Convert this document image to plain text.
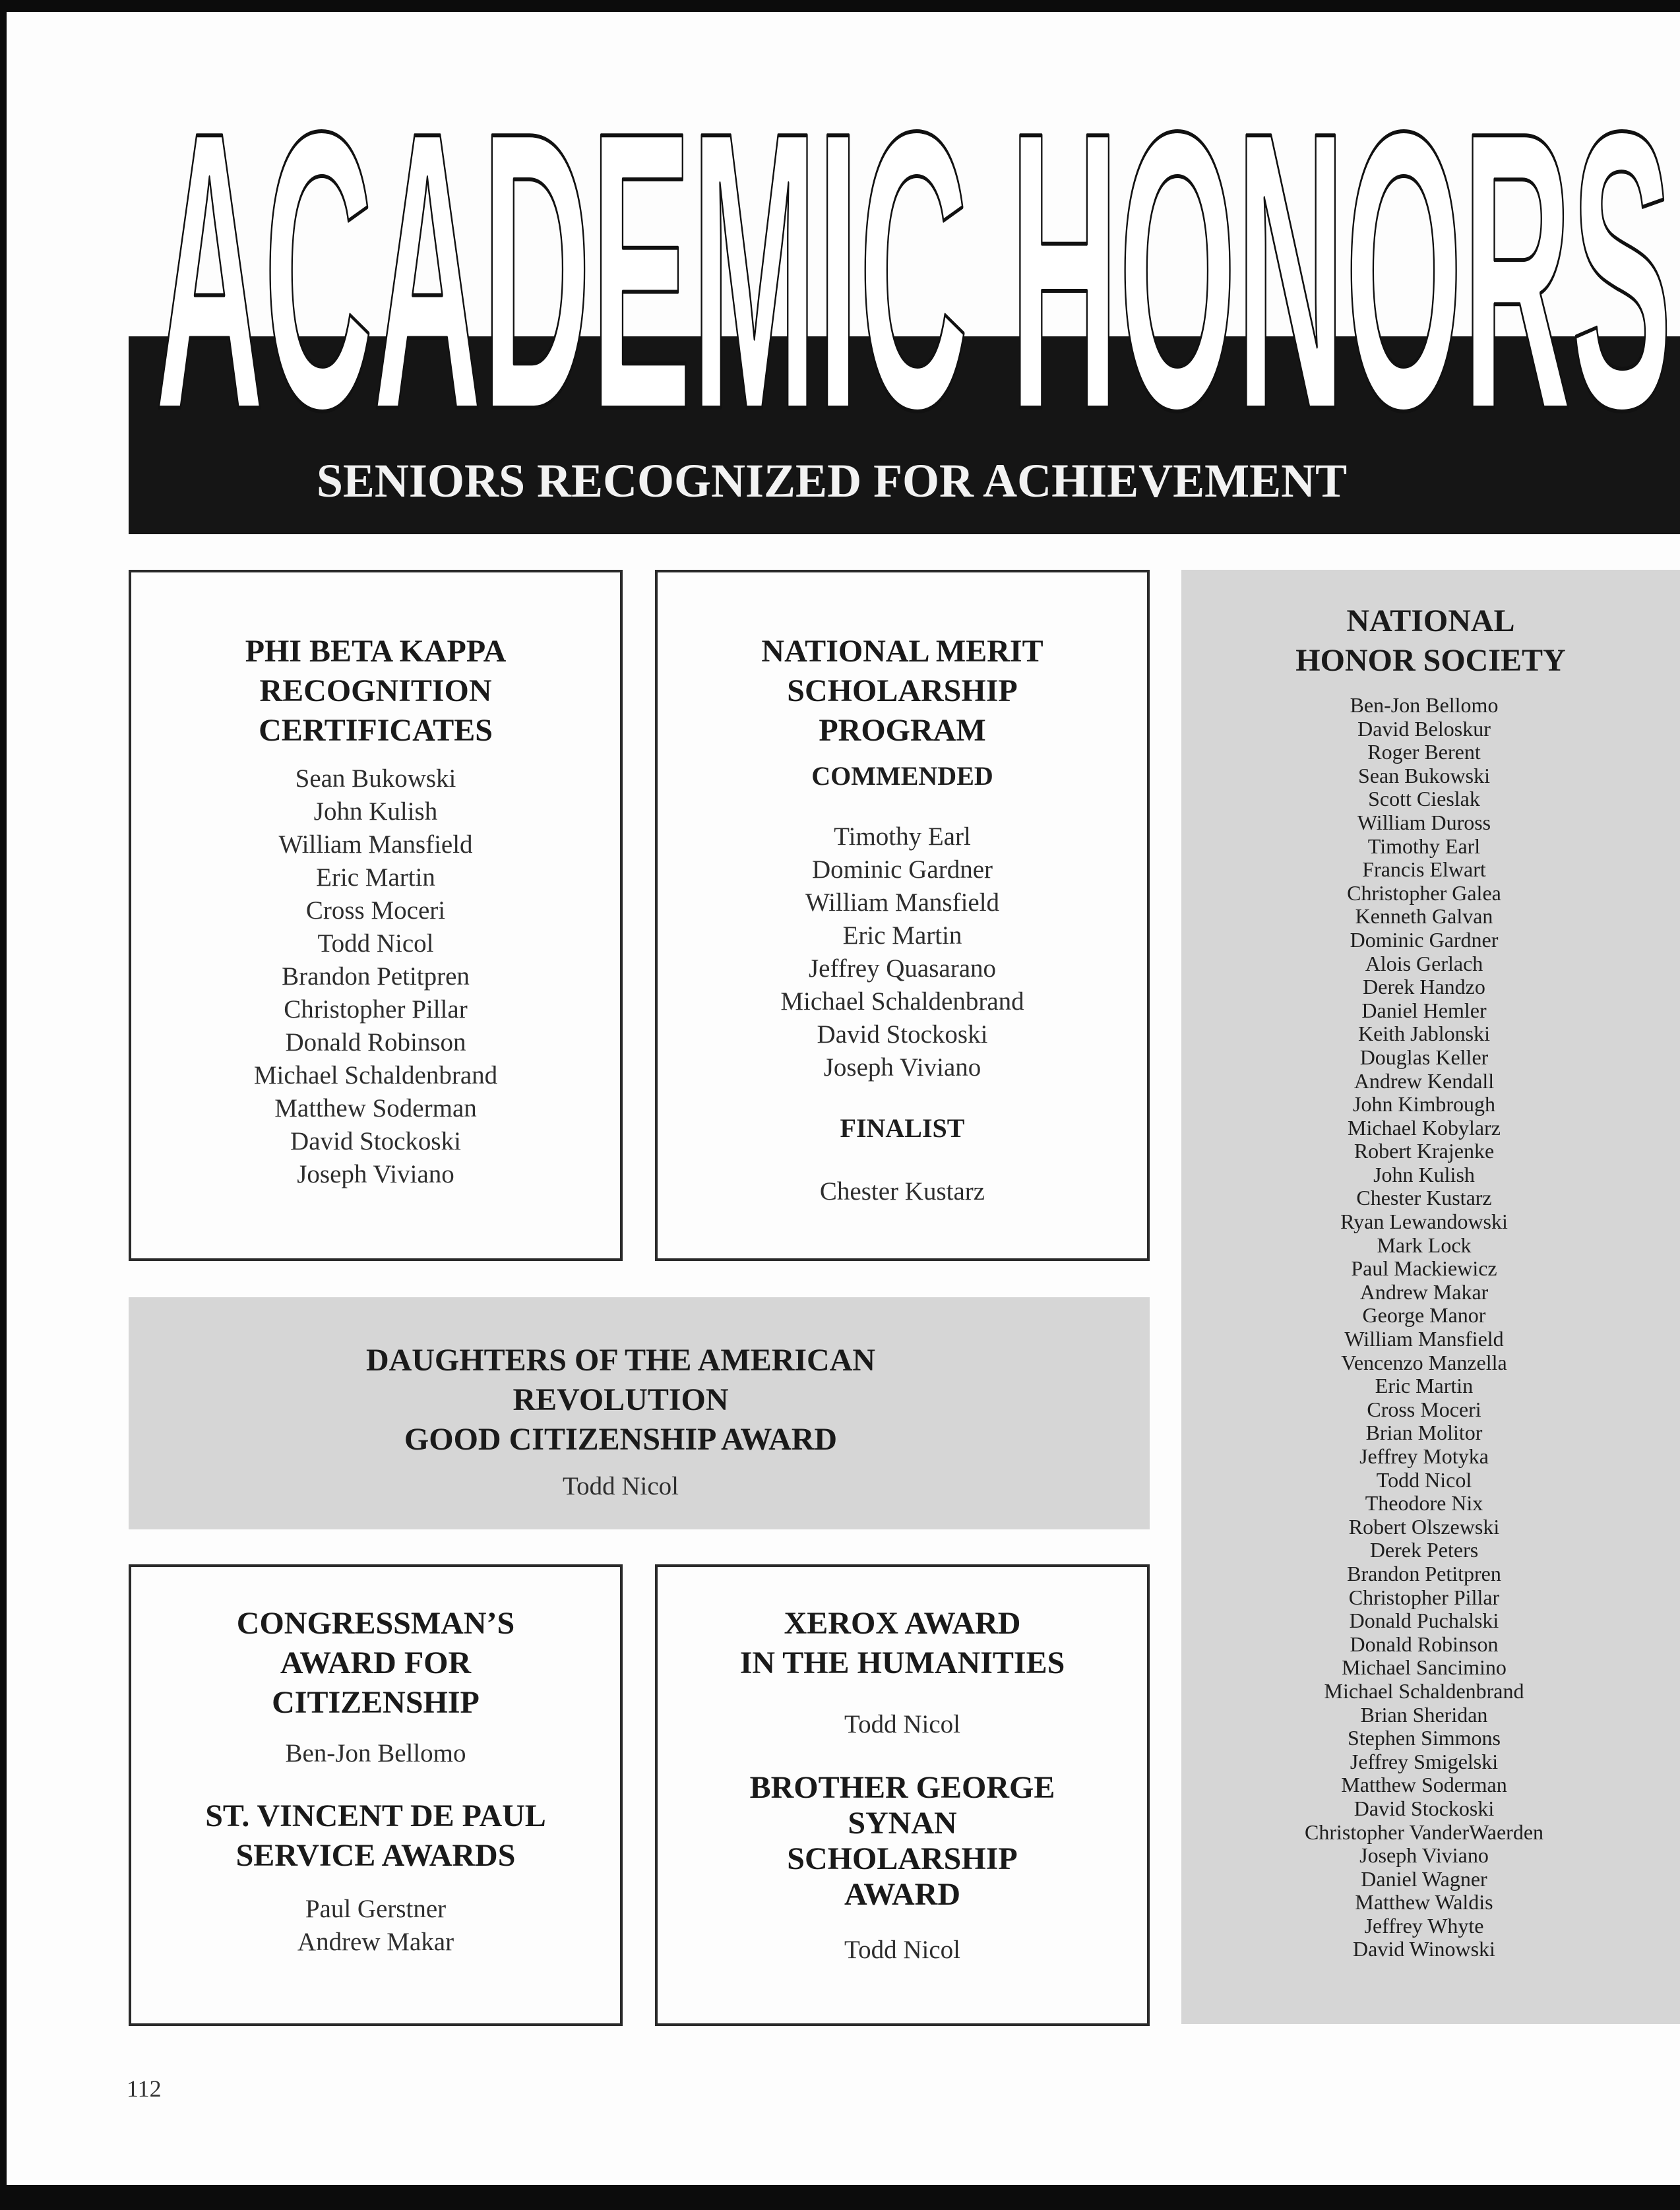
ACADEMIC HONORS
SENIORS RECOGNIZED FOR ACHIEVEMENT
PHI BETA KAPPA
RECOGNITION
CERTIFICATES
Sean Bukowski
John Kulish
William Mansfield
Eric Martin
Cross Moceri
Todd Nicol
Brandon Petitpren
Christopher Pillar
Donald Robinson
Michael Schaldenbrand
Matthew Soderman
David Stockoski
Joseph Viviano
NATIONAL MERIT
SCHOLARSHIP
PROGRAM
COMMENDED
Timothy Earl
Dominic Gardner
William Mansfield
Eric Martin
Jeffrey Quasarano
Michael Schaldenbrand
David Stockoski
Joseph Viviano
FINALIST
Chester Kustarz
NATIONAL
HONOR SOCIETY
Ben-Jon Bellomo
David Beloskur
Roger Berent
Sean Bukowski
Scott Cieslak
William Duross
Timothy Earl
Francis Elwart
Christopher Galea
Kenneth Galvan
Dominic Gardner
Alois Gerlach
Derek Handzo
Daniel Hemler
Keith Jablonski
Douglas Keller
Andrew Kendall
John Kimbrough
Michael Kobylarz
Robert Krajenke
John Kulish
Chester Kustarz
Ryan Lewandowski
Mark Lock
Paul Mackiewicz
Andrew Makar
George Manor
William Mansfield
Vencenzo Manzella
Eric Martin
Cross Moceri
Brian Molitor
Jeffrey Motyka
Todd Nicol
Theodore Nix
Robert Olszewski
Derek Peters
Brandon Petitpren
Christopher Pillar
Donald Puchalski
Donald Robinson
Michael Sancimino
Michael Schaldenbrand
Brian Sheridan
Stephen Simmons
Jeffrey Smigelski
Matthew Soderman
David Stockoski
Christopher VanderWaerden
Joseph Viviano
Daniel Wagner
Matthew Waldis
Jeffrey Whyte
David Winowski
DAUGHTERS OF THE AMERICAN
REVOLUTION
GOOD CITIZENSHIP AWARD
Todd Nicol
CONGRESSMAN’S
AWARD FOR
CITIZENSHIP
Ben-Jon Bellomo
ST. VINCENT DE PAUL
SERVICE AWARDS
Paul Gerstner
Andrew Makar
XEROX AWARD
IN THE HUMANITIES
Todd Nicol
BROTHER GEORGE
SYNAN
SCHOLARSHIP
AWARD
Todd Nicol
112
